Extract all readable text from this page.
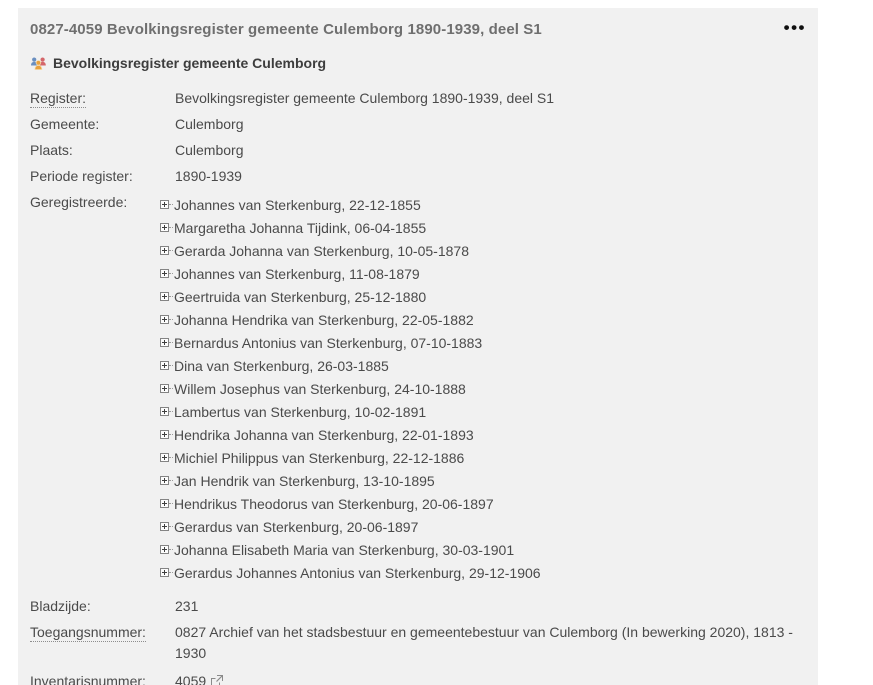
0827-4059 Bevolkingsregister gemeente Culemborg 1890-1939, deel S1	•••
Bevolkingsregister gemeente Culemborg
Register:	Bevolkingsregister gemeente Culemborg 1890-1939, deel S1
Gemeente:	Culemborg
Plaats:	Culemborg
Periode register:	1890-1939
Geregistreerde:	Johannes van Sterkenburg, 22-12-1855
Margaretha Johanna Tijdink, 06-04-1855
Gerarda Johanna van Sterkenburg, 10-05-1878
Johannes van Sterkenburg, 11-08-1879
Geertruida van Sterkenburg, 25-12-1880
Johanna Hendrika van Sterkenburg, 22-05-1882
Bernardus Antonius van Sterkenburg, 07-10-1883
Dina van Sterkenburg, 26-03-1885
Willem Josephus van Sterkenburg, 24-10-1888
Lambertus van Sterkenburg, 10-02-1891
Hendrika Johanna van Sterkenburg, 22-01-1893
Michiel Philippus van Sterkenburg, 22-12-1886
Jan Hendrik van Sterkenburg, 13-10-1895
Hendrikus Theodorus van Sterkenburg, 20-06-1897
Gerardus van Sterkenburg, 20-06-1897
Johanna Elisabeth Maria van Sterkenburg, 30-03-1901
Gerardus Johannes Antonius van Sterkenburg, 29-12-1906
Bladzijde:	231
Toegangsnummer:	0827 Archief van het stadsbestuur en gemeentebestuur van Culemborg (In bewerking 2020), 1813 - 1930
Inventarisnummer:	4059
